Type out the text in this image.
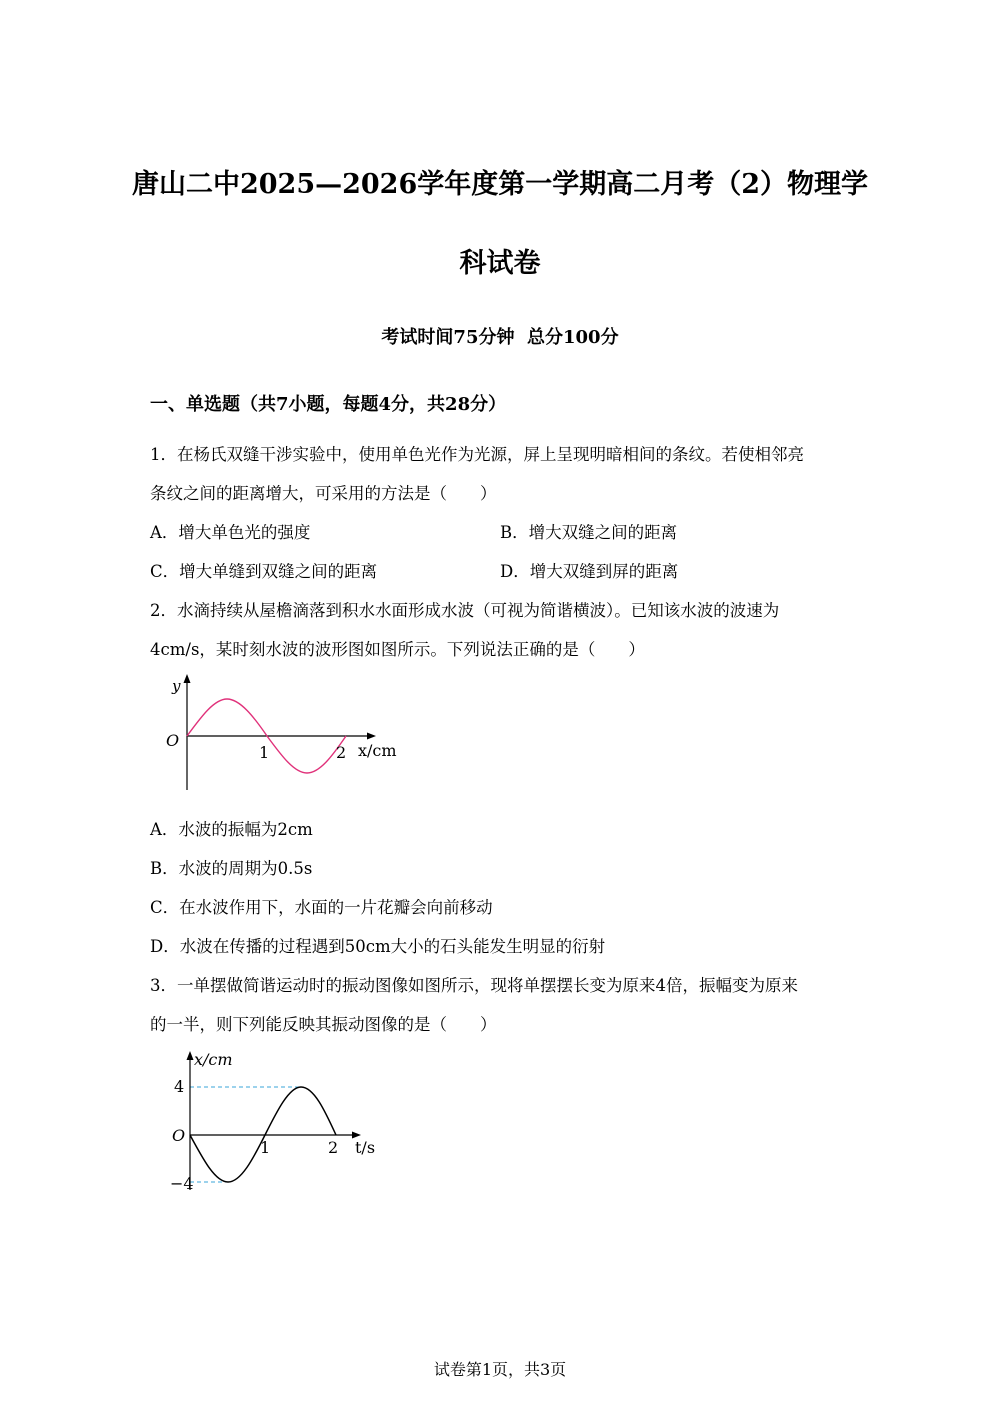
唐山二中2025—2026学年度第一学期高二月考（2）物理学
科试卷
考试时间75分钟  总分100分
一、单选题（共7小题，每题4分，共28分）
1．在杨氏双缝干涉实验中，使用单色光作为光源，屏上呈现明暗相间的条纹。若使相邻亮
条纹之间的距离增大，可采用的方法是（　　）
A．增大单色光的强度	B．增大双缝之间的距离
C．增大单缝到双缝之间的距离	D．增大双缝到屏的距离
2．水滴持续从屋檐滴落到积水水面形成水波（可视为简谐横波）。已知该水波的波速为
4cm/s，某时刻水波的波形图如图所示。下列说法正确的是（　　）
y
O
1	2 x/cm
A．水波的振幅为2cm
B．水波的周期为0.5s
C．在水波作用下，水面的一片花瓣会向前移动
D．水波在传播的过程遇到50cm大小的石头能发生明显的衍射
3．一单摆做简谐运动时的振动图像如图所示，现将单摆摆长变为原来4倍，振幅变为原来
的一半，则下列能反映其振动图像的是（　　）
x/cm
4
−4
O
1	2 t/s
试卷第1页，共3页
